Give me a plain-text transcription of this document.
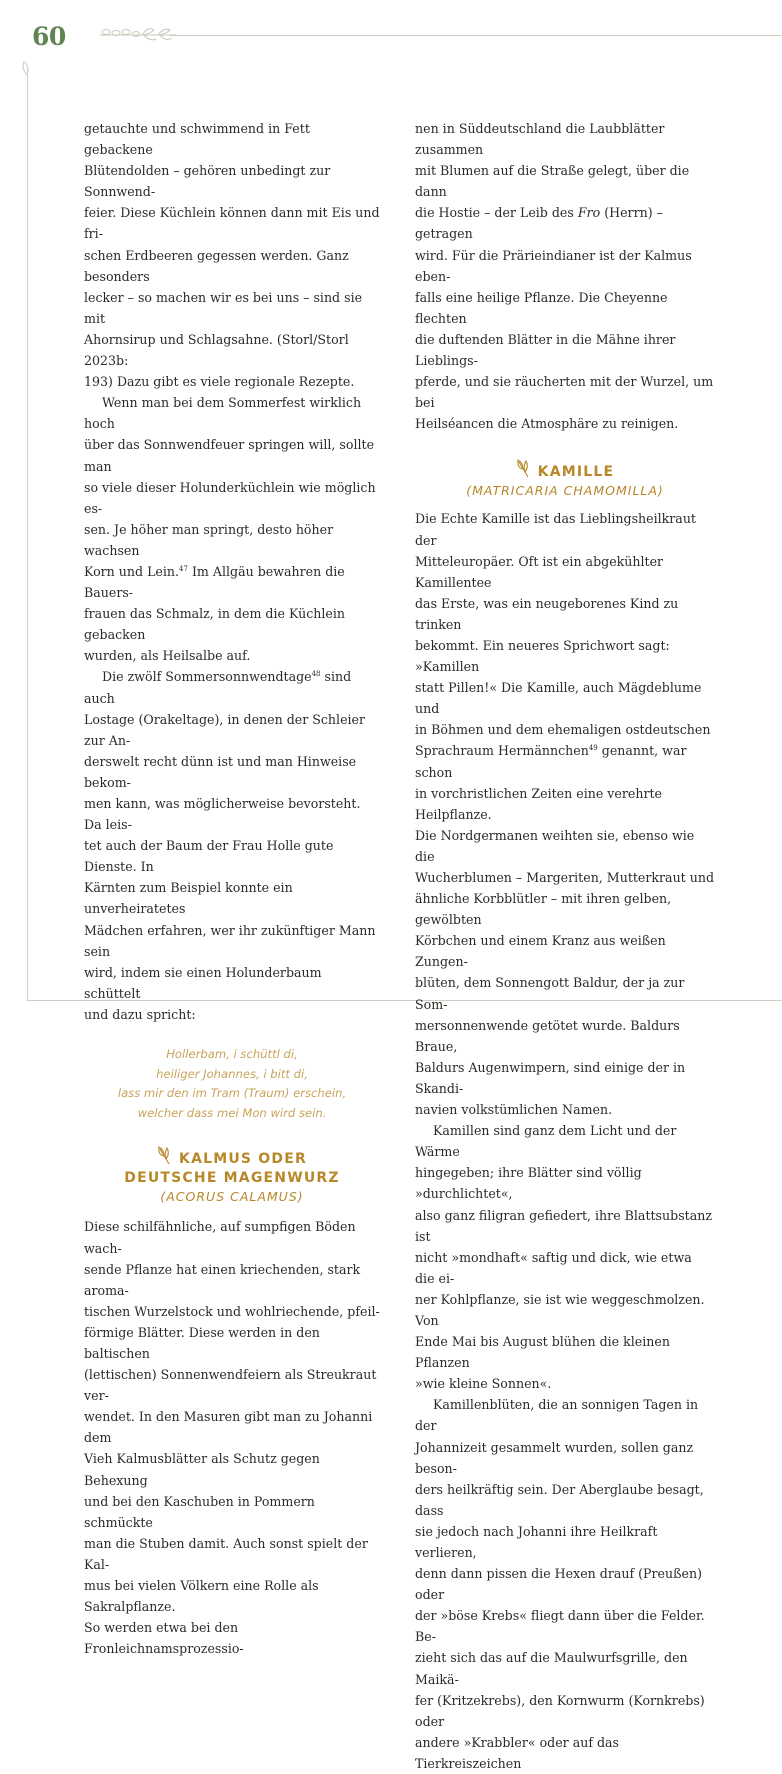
60

getauchte und schwimmend in Fett gebackene
Blütendolden – gehören unbedingt zur Sonnwend-
feier. Diese Küchlein können dann mit Eis und fri-
schen Erdbeeren gegessen werden. Ganz besonders
lecker – so machen wir es bei uns – sind sie mit
Ahornsirup und Schlagsahne. (Storl/Storl 2023b:
193) Dazu gibt es viele regionale Rezepte.

Wenn man bei dem Sommerfest wirklich hoch
über das Sonnwendfeuer springen will, sollte man
so viele dieser Holunderküchlein wie möglich es-
sen. Je höher man springt, desto höher wachsen
Korn und Lein.$^{47}$ Im Allgäu bewahren die Bauers-
frauen das Schmalz, in dem die Küchlein gebacken
wurden, als Heilsalbe auf.

Die zwölf Sommersonnwendtage$^{48}$ sind auch
Lostage (Orakeltage), in denen der Schleier zur An-
derswelt recht dünn ist und man Hinweise bekom-
men kann, was möglicherweise bevorsteht. Da leis-
tet auch der Baum der Frau Holle gute Dienste. In
Kärnten zum Beispiel konnte ein unverheiratetes
Mädchen erfahren, wer ihr zukünftiger Mann sein
wird, indem sie einen Holunderbaum schüttelt
und dazu spricht:

Hollerbam, i schüttl di,
heiliger Johannes, i bitt di,
lass mir den im Tram (Traum) erschein,
welcher dass mei Mon wird sein.
KALMUS ODER
DEUTSCHE MAGENWURZ
(ACORUS CALAMUS)

Diese schilfähnliche, auf sumpfigen Böden wach-
sende Pflanze hat einen kriechenden, stark aroma-
tischen Wurzelstock und wohlriechende, pfeil-
förmige Blätter. Diese werden in den baltischen
(lettischen) Sonnenwendfeiern als Streukraut ver-
wendet. In den Masuren gibt man zu Johanni dem
Vieh Kalmusblätter als Schutz gegen Behexung
und bei den Kaschuben in Pommern schmückte
man die Stuben damit. Auch sonst spielt der Kal-
mus bei vielen Völkern eine Rolle als Sakralpflanze.
So werden etwa bei den Fronleichnamsprozessio-

nen in Süddeutschland die Laubblätter zusammen
mit Blumen auf die Straße gelegt, über die dann
die Hostie – der Leib des Fro (Herrn) – getragen
wird. Für die Prärieindianer ist der Kalmus eben-
falls eine heilige Pflanze. Die Cheyenne flechten
die duftenden Blätter in die Mähne ihrer Lieblings-
pferde, und sie räucherten mit der Wurzel, um bei
Heilséancen die Atmosphäre zu reinigen.

KAMILLE
(MATRICARIA CHAMOMILLA)

Die Echte Kamille ist das Lieblingsheilkraut der
Mitteleuropäer. Oft ist ein abgekühlter Kamillentee
das Erste, was ein neugeborenes Kind zu trinken
bekommt. Ein neueres Sprichwort sagt: »Kamillen
statt Pillen!« Die Kamille, auch Mägdeblume und
in Böhmen und dem ehemaligen ostdeutschen
Sprachraum Hermännchen$^{49}$ genannt, war schon
in vorchristlichen Zeiten eine verehrte Heilpflanze.
Die Nordgermanen weihten sie, ebenso wie die
Wucherblumen – Margeriten, Mutterkraut und
ähnliche Korbblütler – mit ihren gelben, gewölbten
Körbchen und einem Kranz aus weißen Zungen-
blüten, dem Sonnengott Baldur, der ja zur Som-
mersonnenwende getötet wurde. Baldurs Braue,
Baldurs Augenwimpern, sind einige der in Skandi-
navien volkstümlichen Namen.

Kamillen sind ganz dem Licht und der Wärme
hingegeben; ihre Blätter sind völlig »durchlichtet«,
also ganz filigran gefiedert, ihre Blattsubstanz ist
nicht »mondhaft« saftig und dick, wie etwa die ei-
ner Kohlpflanze, sie ist wie weggeschmolzen. Von
Ende Mai bis August blühen die kleinen Pflanzen
»wie kleine Sonnen«.

Kamillenblüten, die an sonnigen Tagen in der
Johannizeit gesammelt wurden, sollen ganz beson-
ders heilkräftig sein. Der Aberglaube besagt, dass
sie jedoch nach Johanni ihre Heilkraft verlieren,
denn dann pissen die Hexen drauf (Preußen) oder
der »böse Krebs« fliegt dann über die Felder. Be-
zieht sich das auf die Maulwurfsgrille, den Maikä-
fer (Kritzekrebs), den Kornwurm (Kornkrebs) oder
andere »Krabbler« oder auf das Tierkreiszeichen
